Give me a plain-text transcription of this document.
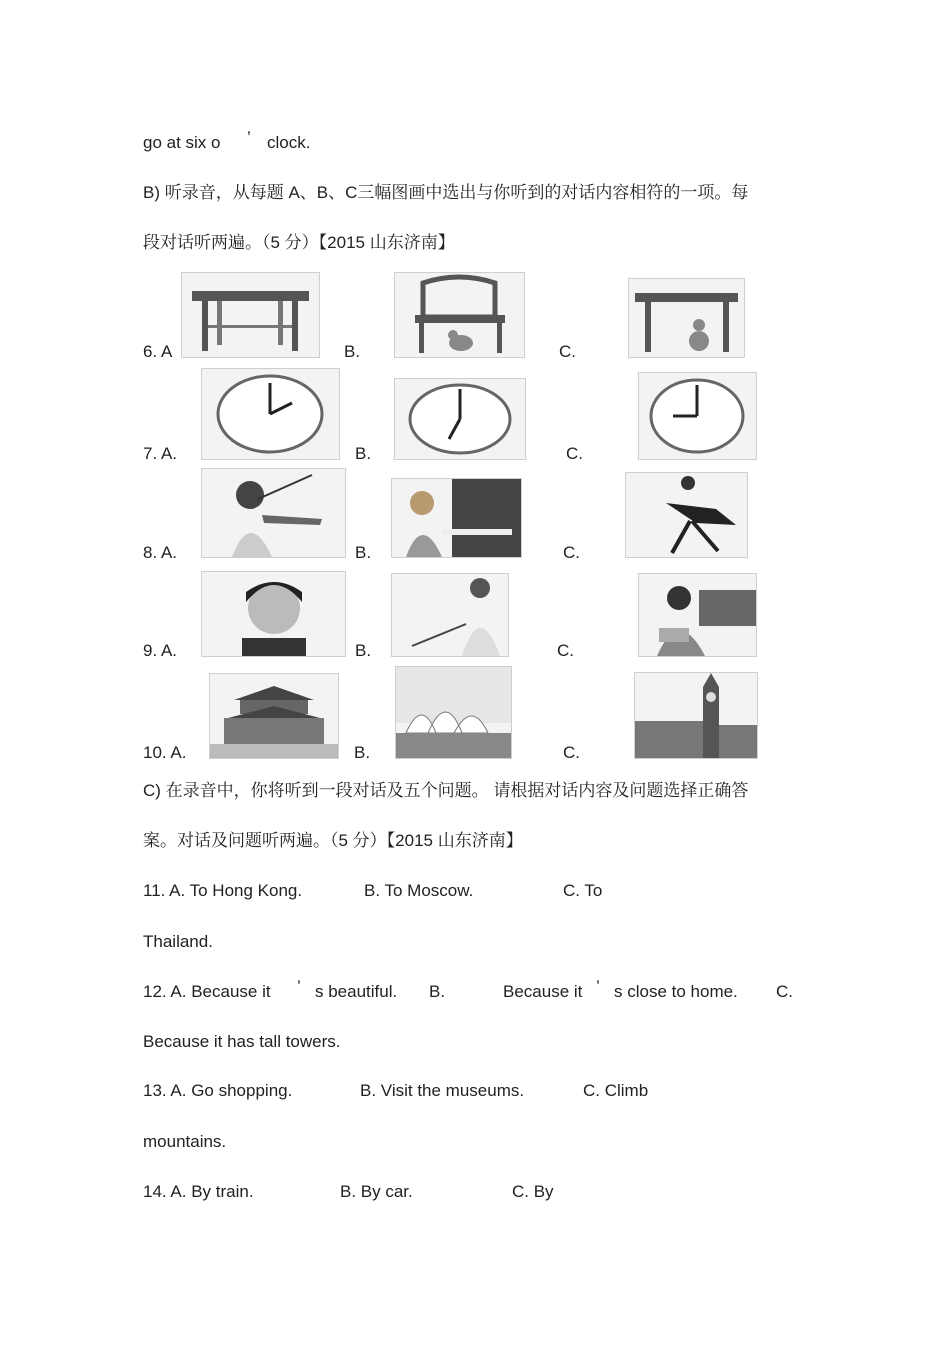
go at six o ’ clock.
B) 听录音，从每题 A、B、C三幅图画中选出与你听到的对话内容相符的一项。每
段对话听两遍。（5 分）【2015 山东济南】
6. A	B.	C.
7. A.	B.	C.
8. A.	B.	C.
9. A.	B.	C.
10. A.	B.	C.
C) 在录音中，你将听到一段对话及五个问题。 请根据对话内容及问题选择正确答
案。对话及问题听两遍。（5 分）【2015 山东济南】
11. A. To Hong Kong.	B. To Moscow.	C. To
Thailand.
12. A. Because it ’ s beautiful. B.	Because it ’ s close to home. C.
Because it has tall towers.
13. A. Go shopping.	B. Visit the museums.	C. Climb
mountains.
14. A. By train.	B. By car.	C. By
